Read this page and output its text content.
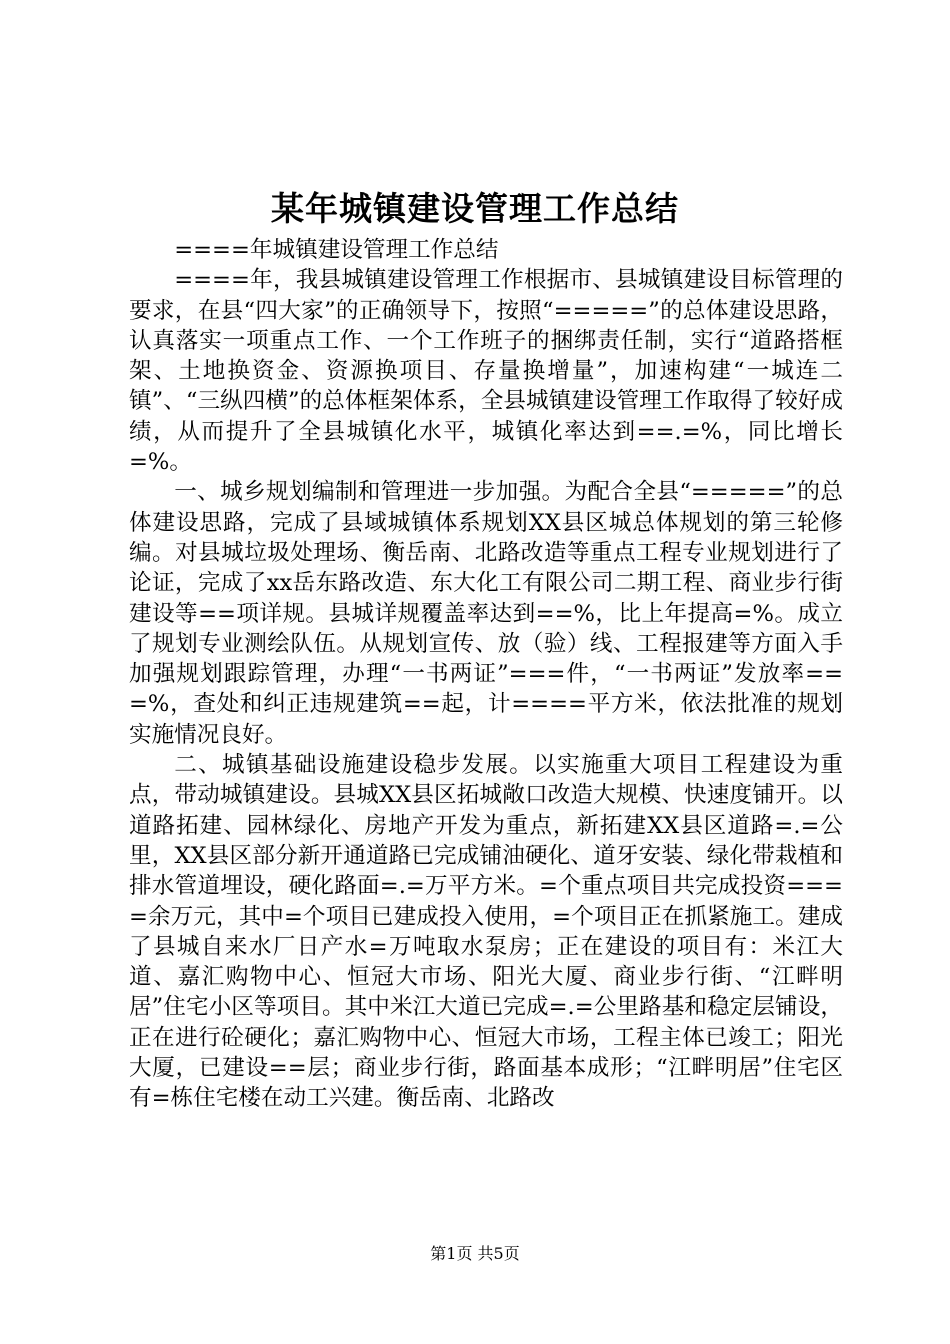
某年城镇建设管理工作总结

====年城镇建设管理工作总结

====年，我县城镇建设管理工作根据市、县城镇建设目标管理的要求，在县“四大家”的正确领导下，按照“=====”的总体建设思路，认真落实一项重点工作、一个工作班子的捆绑责任制，实行“道路搭框架、土地换资金、资源换项目、存量换增量”，加速构建“一城连二镇”、“三纵四横”的总体框架体系，全县城镇建设管理工作取得了较好成绩，从而提升了全县城镇化水平，城镇化率达到==.=%，同比增长=%。

一、城乡规划编制和管理进一步加强。为配合全县“=====”的总体建设思路，完成了县域城镇体系规划XX县区城总体规划的第三轮修编。对县城垃圾处理场、衡岳南、北路改造等重点工程专业规划进行了论证，完成了xx岳东路改造、东大化工有限公司二期工程、商业步行街建设等==项详规。县城详规覆盖率达到==%，比上年提高=%。成立了规划专业测绘队伍。从规划宣传、放（验）线、工程报建等方面入手加强规划跟踪管理，办理“一书两证”===件，“一书两证”发放率===%，查处和纠正违规建筑==起，计====平方米，依法批准的规划实施情况良好。

二、城镇基础设施建设稳步发展。以实施重大项目工程建设为重点，带动城镇建设。县城XX县区拓城敞口改造大规模、快速度铺开。以道路拓建、园林绿化、房地产开发为重点，新拓建XX县区道路=.=公里，XX县区部分新开通道路已完成铺油硬化、道牙安装、绿化带栽植和排水管道埋设，硬化路面=.=万平方米。=个重点项目共完成投资====余万元，其中=个项目已建成投入使用，=个项目正在抓紧施工。建成了县城自来水厂日产水=万吨取水泵房；正在建设的项目有：米江大道、嘉汇购物中心、恒冠大市场、阳光大厦、商业步行街、“江畔明居”住宅小区等项目。其中米江大道已完成=.=公里路基和稳定层铺设，正在进行砼硬化；嘉汇购物中心、恒冠大市场，工程主体已竣工；阳光大厦，已建设==层；商业步行街，路面基本成形；“江畔明居”住宅区有=栋住宅楼在动工兴建。衡岳南、北路改

第1页 共5页
